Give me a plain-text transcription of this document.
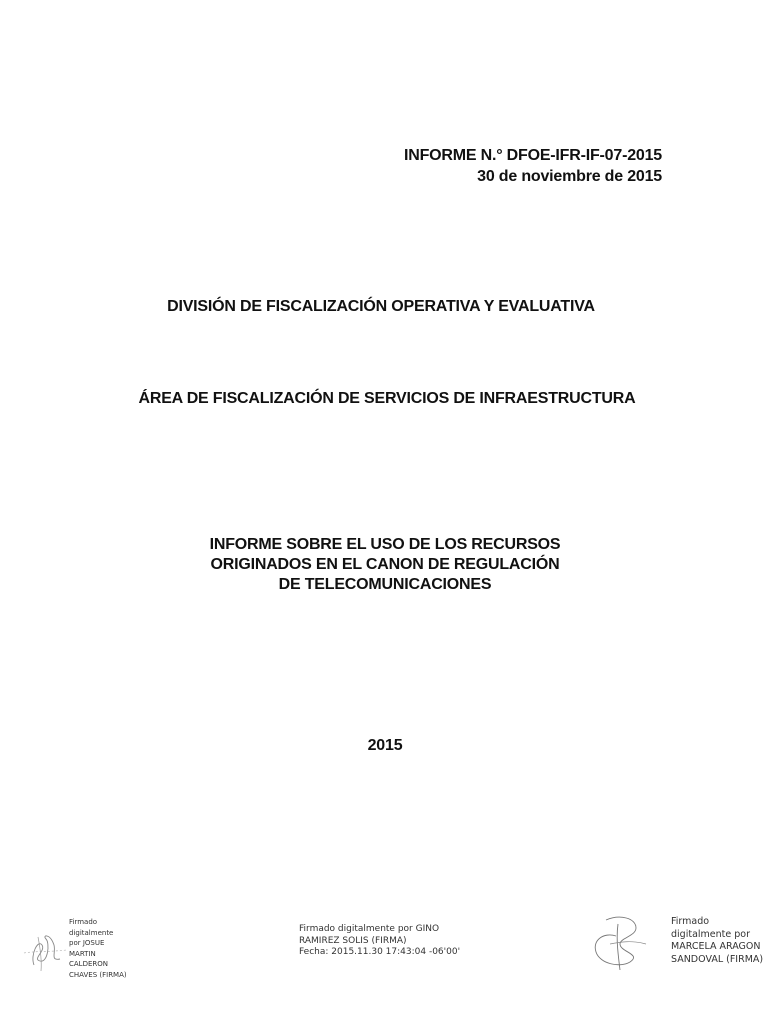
INFORME N.° DFOE-IFR-IF-07-2015
30 de noviembre de 2015
DIVISIÓN DE FISCALIZACIÓN OPERATIVA Y EVALUATIVA
ÁREA DE FISCALIZACIÓN DE SERVICIOS DE INFRAESTRUCTURA
INFORME SOBRE EL USO DE LOS RECURSOS
ORIGINADOS EN EL CANON DE REGULACIÓN
DE TELECOMUNICACIONES
2015
Firmado
digitalmente
por JOSUE
MARTIN
CALDERON
CHAVES (FIRMA)
Firmado digitalmente por GINO
RAMIREZ SOLIS (FIRMA)
Fecha: 2015.11.30 17:43:04 -06'00'
Firmado
digitalmente por
MARCELA ARAGON
SANDOVAL (FIRMA)
